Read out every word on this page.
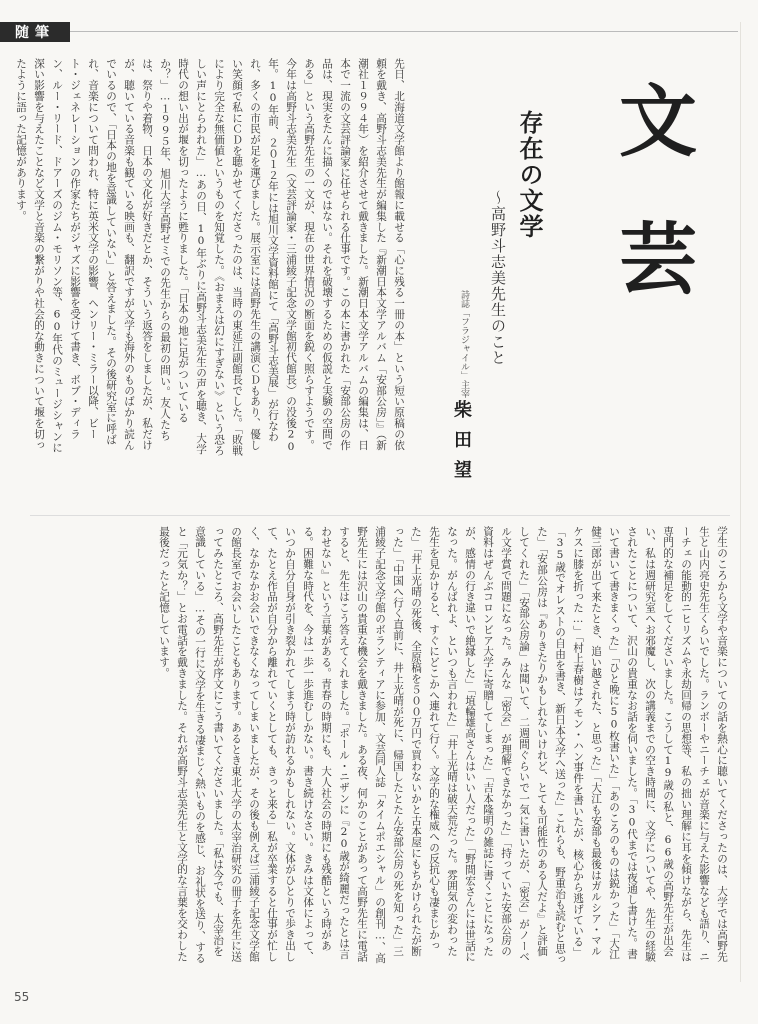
随筆
文芸
存在の文学
〜高野斗志美先生のこと
詩誌「フラジャイル」主宰
柴田望
先日、北海道文学館より館報に載せる「心に残る一冊の本」という短い原稿の依頼を戴き、高野斗志美先生が編集した『新潮日本文学アルバム「安部公房」』（新潮社１９９４年）を紹介させて戴きました。新潮日本文学アルバムの編集は、日本で一流の文芸評論家に任せられる仕事です。この本に書かれた「安部公房の作品は、現実をたんに描くのではない。それを破壊するための仮説と実験の空間である」という高野先生の一文が、現在の世界情況の断面を鋭く照らすようです。今年は高野斗志美先生（文芸評論家・三浦綾子記念文学館初代館長）の没後20年。10年前、２０１２年には旭川文学資料館にて「高野斗志美展」が行なわれ、多くの市民が足を運びました。展示室には高野先生の講演ＣＤもあり、優しい笑顔で私にＣＤを聴かせてくださったのは、当時の東延江副館長でした。「敗戦により完全な無価値というものを知覚した。《おまえは幻にすぎない》という恐ろしい声にとらわれた」…あの日、10年ぶりに高野斗志美先生の声を聴き、大学時代の想い出が堰を切ったように甦りました。「日本の地に足がついているか？」…１９９５年、旭川大学高野ゼミでの先生からの最初の問い。友人たちは、祭りや着物、日本の文化が好きだとか、そういう返答をしましたが、私だけが、聴いている音楽も観ている映画も、翻訳ですが文学も海外のものばかり読んでいるので、「日本の地を意識していない」と答えました。その後研究室に呼ばれ、音楽について問われ、特に英米文学の影響、ヘンリー・ミラー以降、ビート・ジェネレーションの作家たちがジャズに影響を受けて書き、ボブ・ディラン、ルー・リード、ドアーズのジム・モリソン等、60年代のミュージシャンに深い影響を与えたことなど文学と音楽の繋がりや社会的な動きについて堰を切ったように語った記憶があります。
学生のころから文学や音楽についての話を熱心に聴いてくださったのは、大学では高野先生と山内亮史先生くらいでした。ランボーやニーチェが音楽に与えた影響なども語り、ニーチェの能動的ニヒリズムや永劫回帰の思想等、私の拙い理解に耳を傾けながら、先生は専門的な補足をしてくださいました。こうして19歳の私と、66歳の高野先生が出会い、私は週研究室へお邪魔し、次の講義までの空き時間に、文学についてや、先生の経験されたことについて、沢山の貴重なお話を伺いました。「30代までは夜通し書けた。書いて書いて書きまくった」「ひと晩に50枚書いた」「あのころのものは鋭かった」「大江健三郎が出て来たとき、追い越された、と思った」「大江も安部も最後はガルシア・マルケスに膝を折った…」「村上春樹はアモン・ハン事件を書いたが、核心から逃げている」「35歳でオレストの自由を書き、新日本文学へ送った」これらも、野重治も読むと思った」「安部公房は『ありきたりかもしれないけれど、とても可能性のある人だよ』と評価してくれた」「安部公房論」は聞いて、二週間ぐらいで一気に書いたが、「密会」がノーベル文学賞で問題になった。みんな「密会」が理解できなかった」「持っていた安部公房の資料はぜんぶコロンビア大学に寄贈してしまった」「吉本隆明の雑誌に書くことになったが、感情の行き違いで絶縁した」「埴輪雄高さんはいい人だった」「野間宏さんには世話になった。がんばれよ、といつも言われた」「井上光晴は破天荒だった。雰囲気の変わった先生を見かけると、すぐにどこかへ連れて行く。文学的な権威への反抗心も凄まじかった」「井上光晴の死後、全原稿を５００万円で買わないかと古本屋にもちかけられたが断った」「中国へ行く直前に、井上光晴が死に、帰国したとたん安部公房の死を知った」三浦綾子記念文学館のボランティアに参加、文芸同人誌「タイムポエシャル」の創刊…、高野先生には沢山の貴重な機会を戴きました。ある夜、何かのことがあって高野先生に電話すると、先生はこう答えてくれました。「ポール・ニザンに『20歳が綺麗だったとは言わせない』という言葉がある。青春の時期にも、大人社会の時期にも残酷という時がある。困難な時代を、今は一歩一歩進むしかない。書き続けなさい。きみは文体によって、いつか自分自身が引き裂かれてしまう時が訪れるかもしれない。文体がひとりで歩き出して、たとえ作品が自分から離れていくとしても、きっと来る」私が卒業すると仕事が忙しく、なかなかお会いできなくなってしまいましたが、その後も例えば三浦綾子記念文学館の館長室でお会いしたこともあります。あるとき東北大学の太宰治研究の冊子を先生に送ってみたところ、高野先生が序文にこう書いてくださいました。「私は今でも、太宰治を意識している」…その一行に文学を生きる凄まじく熱いものを感じ、お礼状を送り、すると「元気か？」とお電話を戴きました。それが高野斗志美先生と文学的な言葉を交わした最後だったと記憶しています。
55
